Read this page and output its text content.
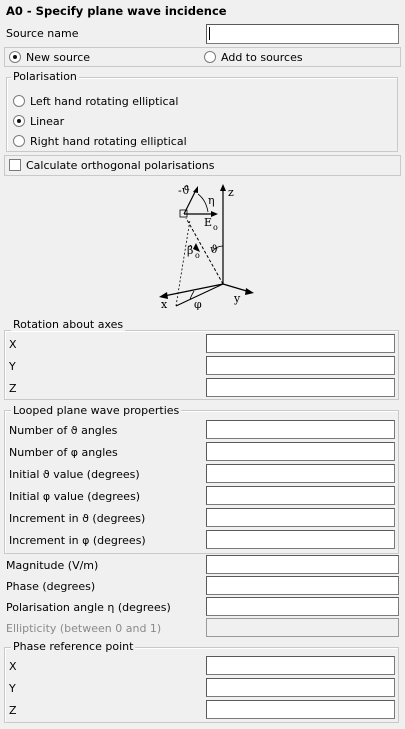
A0 - Specify plane wave incidence
Source name
New source	Add to sources
Polarisation
Left hand rotating elliptical
Linear
Right hand rotating elliptical
Calculate orthogonal polarisations
z
x	y
φ
β̂ o ϑ
-ϑ̂
η
E o
Rotation about axes
X
Y
Z
Looped plane wave properties
Number of ϑ angles
Number of φ angles
Initial ϑ value (degrees)
Initial φ value (degrees)
Increment in ϑ (degrees)
Increment in φ (degrees)
Magnitude (V/m)
Phase (degrees)
Polarisation angle η (degrees)
Ellipticity (between 0 and 1)
Phase reference point
X
Y
Z
